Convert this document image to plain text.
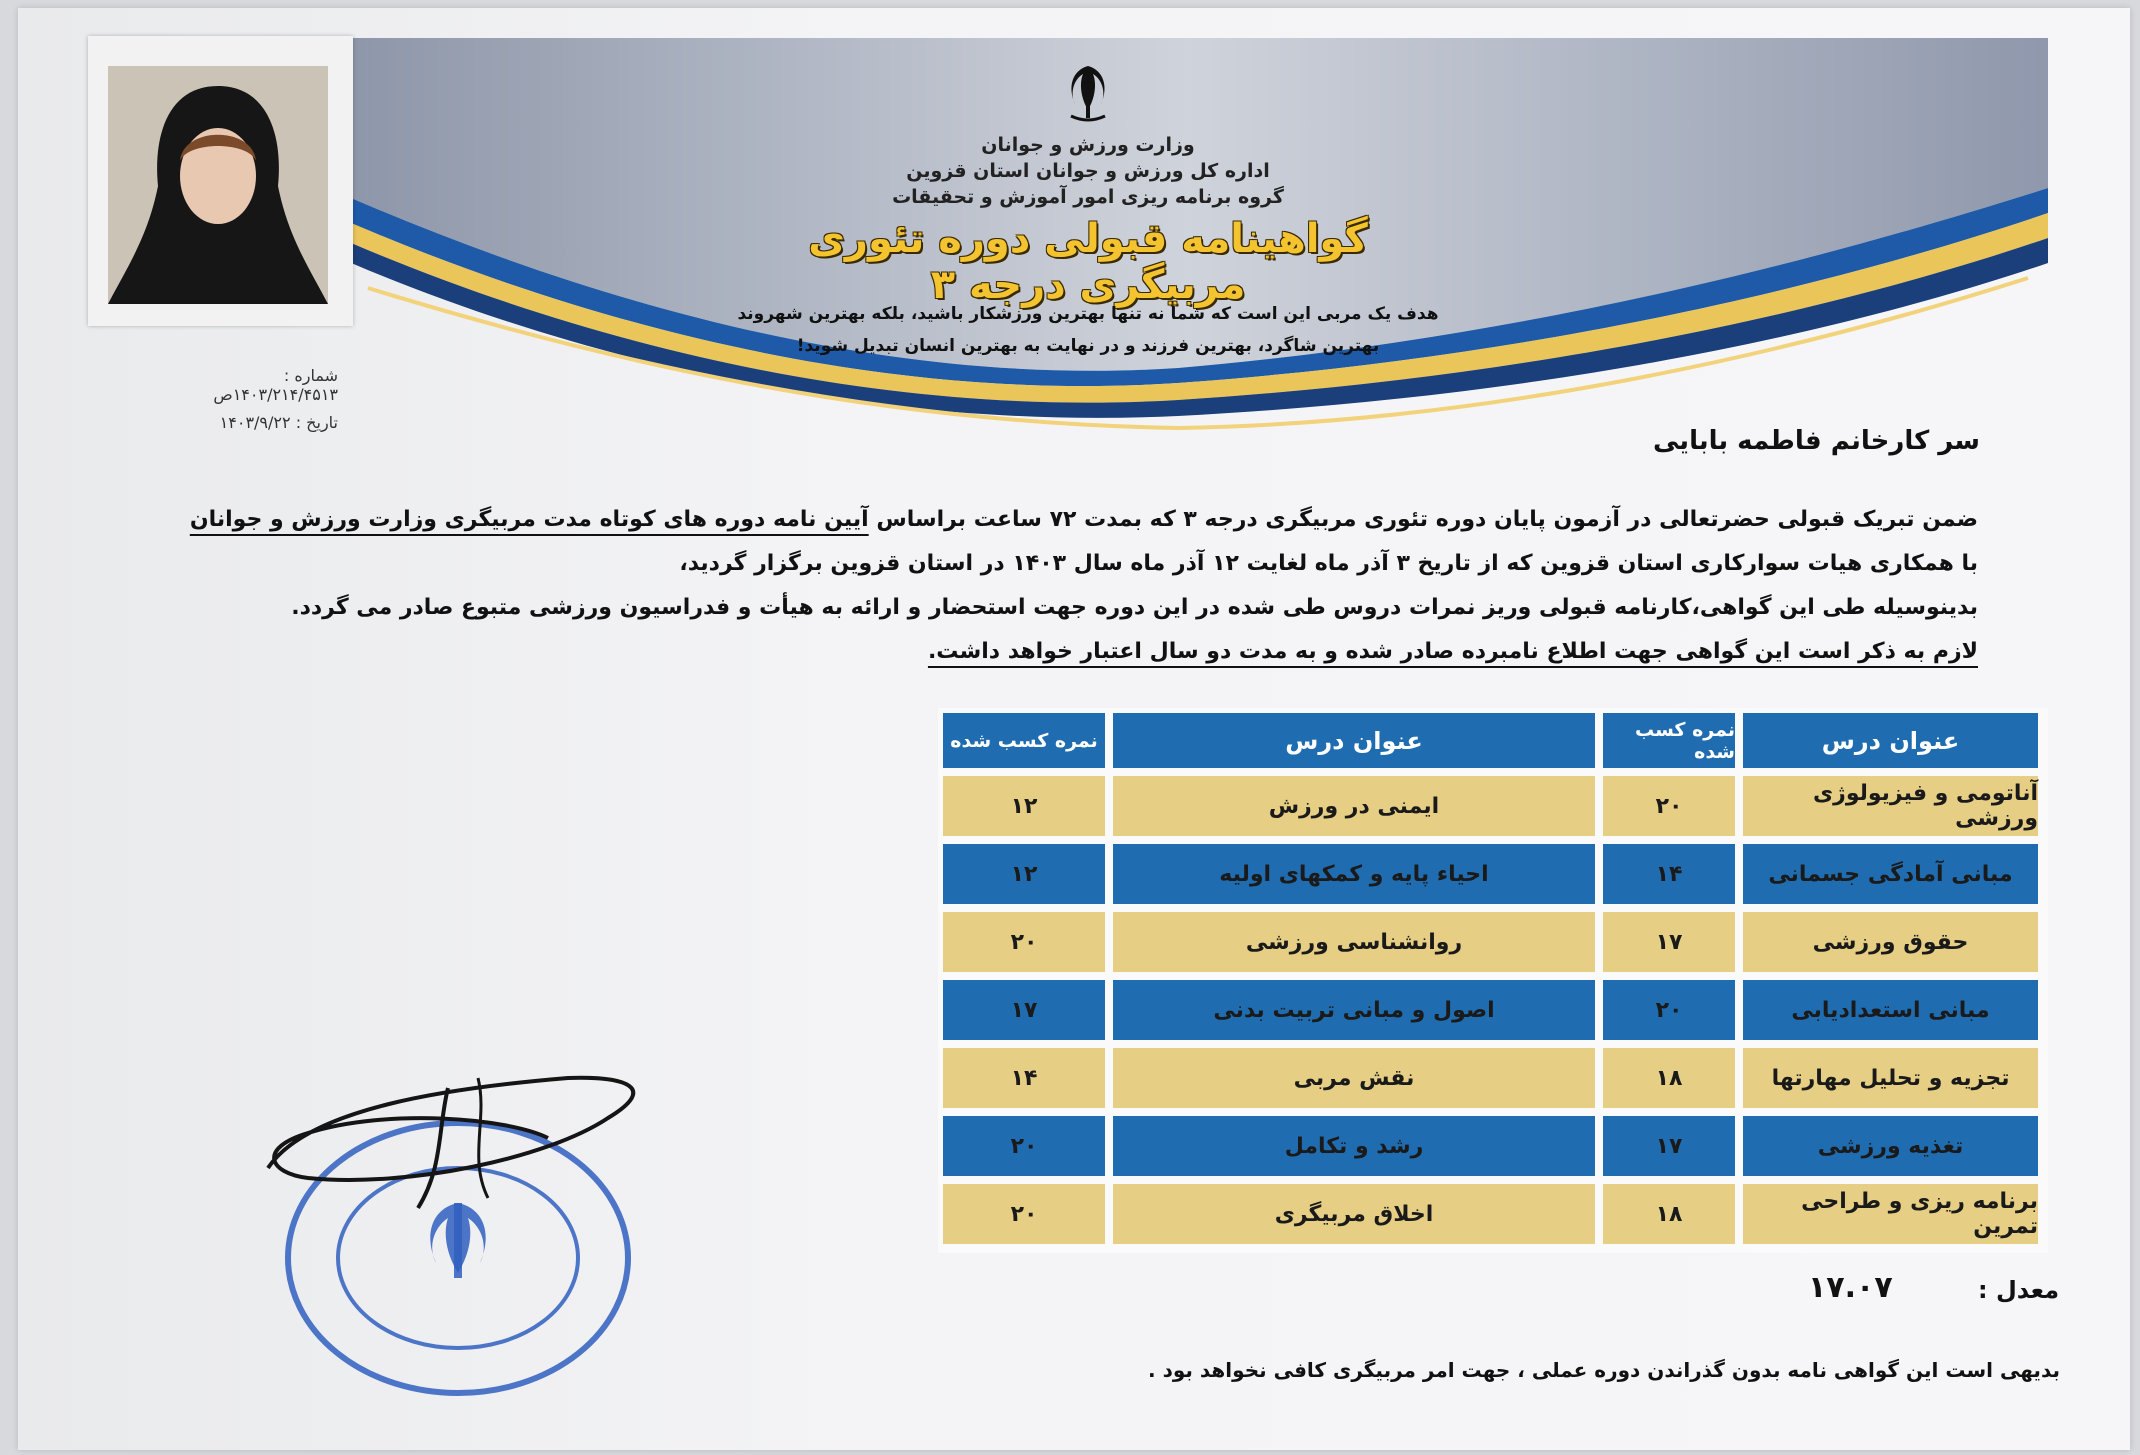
وزارت ورزش و جوانان
اداره کل ورزش و جوانان استان قزوین
گروه برنامه ریزی امور آموزش و تحقیقات
گواهینامه قبولی دوره تئوری مربیگری درجه ۳
هدف یک مربی این است که شما نه تنها بهترین ورزشکار باشید، بلکه بهترین شهروند
بهترین شاگرد، بهترین فرزند و در نهایت به بهترین انسان تبدیل شوید!
شماره : ۱۴۰۳/۲۱۴/۴۵۱۳ص
تاریخ : ۱۴۰۳/۹/۲۲
سر کارخانم فاطمه بابایی

ضمن تبریک قبولی حضرتعالی در آزمون پایان دوره تئوری مربیگری درجه ۳ که بمدت ۷۲ ساعت براساس آیین نامه دوره های کوتاه مدت مربیگری وزارت ورزش و جوانان

با همکاری هیات سوارکاری استان قزوین که از تاریخ ۳ آذر ماه لغایت ۱۲ آذر ماه سال ۱۴۰۳ در استان قزوین برگزار گردید،

بدینوسیله طی این گواهی،کارنامه قبولی وریز نمرات دروس طی شده در این دوره جهت استحضار و ارائه به هیأت و فدراسیون ورزشی متبوع صادر می گردد.

لازم به ذکر است این گواهی جهت اطلاع نامبرده صادر شده و به مدت دو سال اعتبار خواهد داشت.

عنوان درس
نمره کسب شده
عنوان درس
نمره کسب شده
آناتومی و فیزیولوژی ورزشی
۲۰
ایمنی در ورزش
۱۲
مبانی آمادگی جسمانی
۱۴
احیاء پایه و کمکهای اولیه
۱۲
حقوق ورزشی
۱۷
روانشناسی ورزشی
۲۰
مبانی استعدادیابی
۲۰
اصول و مبانی تربیت بدنی
۱۷
تجزیه و تحلیل مهارتها
۱۸
نقش مربی
۱۴
تغذیه ورزشی
۱۷
رشد و تکامل
۲۰
برنامه ریزی و طراحی تمرین
۱۸
اخلاق مربیگری
۲۰
معدل :
۱۷.۰۷
بدیهی است این گواهی نامه بدون گذراندن دوره عملی ، جهت امر مربیگری کافی نخواهد بود .
